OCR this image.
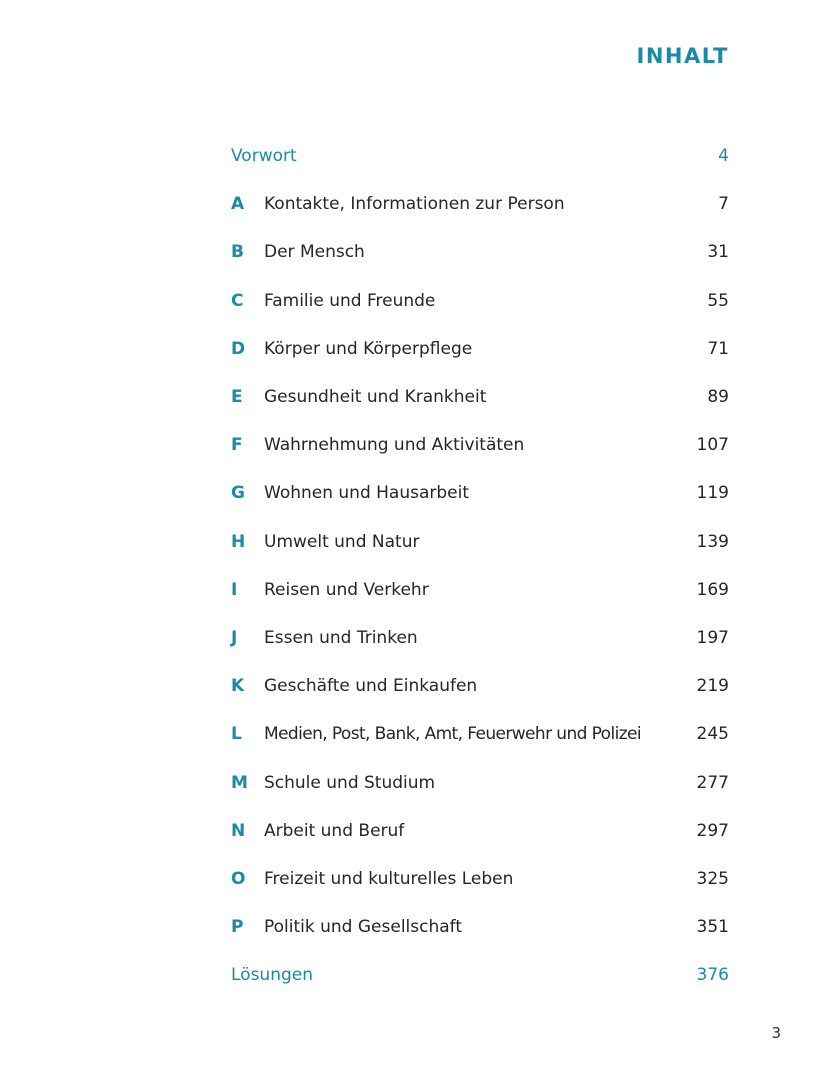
INHALT
Vorwort	4
A	Kontakte, Informationen zur Person	7
B	Der Mensch	31
C	Familie und Freunde	55
D	Körper und Körperpflege	71
E	Gesundheit und Krankheit	89
F	Wahrnehmung und Aktivitäten	107
G	Wohnen und Hausarbeit	119
H	Umwelt und Natur	139
I	Reisen und Verkehr	169
J	Essen und Trinken	197
K	Geschäfte und Einkaufen	219
L	Medien, Post, Bank, Amt, Feuerwehr und Polizei	245
M Schule und Studium	277
N	Arbeit und Beruf	297
O	Freizeit und kulturelles Leben	325
P	Politik und Gesellschaft	351
Lösungen	376
3
